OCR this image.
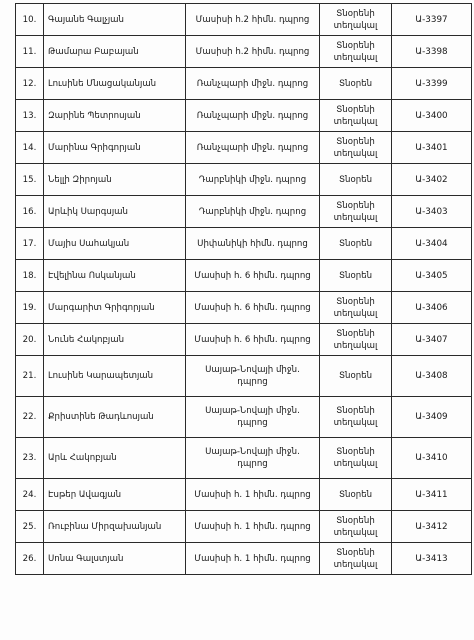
10.	Գայանե Գալչյան	Մասիսի հ.2 հիմն. դպրոց	Տնօրենի տեղակալ	Ա-3397
11.	Թամարա Բաբայան	Մասիսի հ.2 հիմն. դպրոց	Տնօրենի տեղակալ	Ա-3398
12.	Լուսինե Մնացականյան	Ռանչպարի միջն. դպրոց	Տնօրեն	Ա-3399
13.	Զարինե Պետրոսյան	Ռանչպարի միջն. դպրոց	Տնօրենի տեղակալ	Ա-3400
14.	Մարինա Գրիգորյան	Ռանչպարի միջն. դպրոց	Տնօրենի տեղակալ	Ա-3401
15.	Նելլի Զիրոյան	Դարբնիկի միջն. դպրոց	Տնօրեն	Ա-3402
16.	Արևիկ Սարգսյան	Դարբնիկի միջն. դպրոց	Տնօրենի տեղակալ	Ա-3403
17.	Մայիս Սահակյան	Սիփանիկի հիմն. դպրոց	Տնօրեն	Ա-3404
18.	Էվելինա Ոսկանյան	Մասիսի հ. 6 հիմն. դպրոց	Տնօրեն	Ա-3405
19.	Մարգարիտ Գրիգորյան	Մասիսի հ. 6 հիմն. դպրոց	Տնօրենի տեղակալ	Ա-3406
20.	Նունե Հակոբյան	Մասիսի հ. 6 հիմն. դպրոց	Տնօրենի տեղակալ	Ա-3407
21.	Լուսինե Կարապետյան	Սայաթ-Նովայի միջն. դպրոց	Տնօրեն	Ա-3408
22.	Քրիստինե Թադևոսյան	Սայաթ-Նովայի միջն. դպրոց	Տնօրենի տեղակալ	Ա-3409
23.	Արև Հակոբյան	Սայաթ-Նովայի միջն. դպրոց	Տնօրենի տեղակալ	Ա-3410
24.	Էսթեր Ավագյան	Մասիսի հ. 1 հիմն. դպրոց	Տնօրեն	Ա-3411
25.	Ռուբինա Միրզախանյան	Մասիսի հ. 1 հիմն. դպրոց	Տնօրենի տեղակալ	Ա-3412
26.	Սոնա Գալստյան	Մասիսի հ. 1 հիմն. դպրոց	Տնօրենի տեղակալ	Ա-3413
